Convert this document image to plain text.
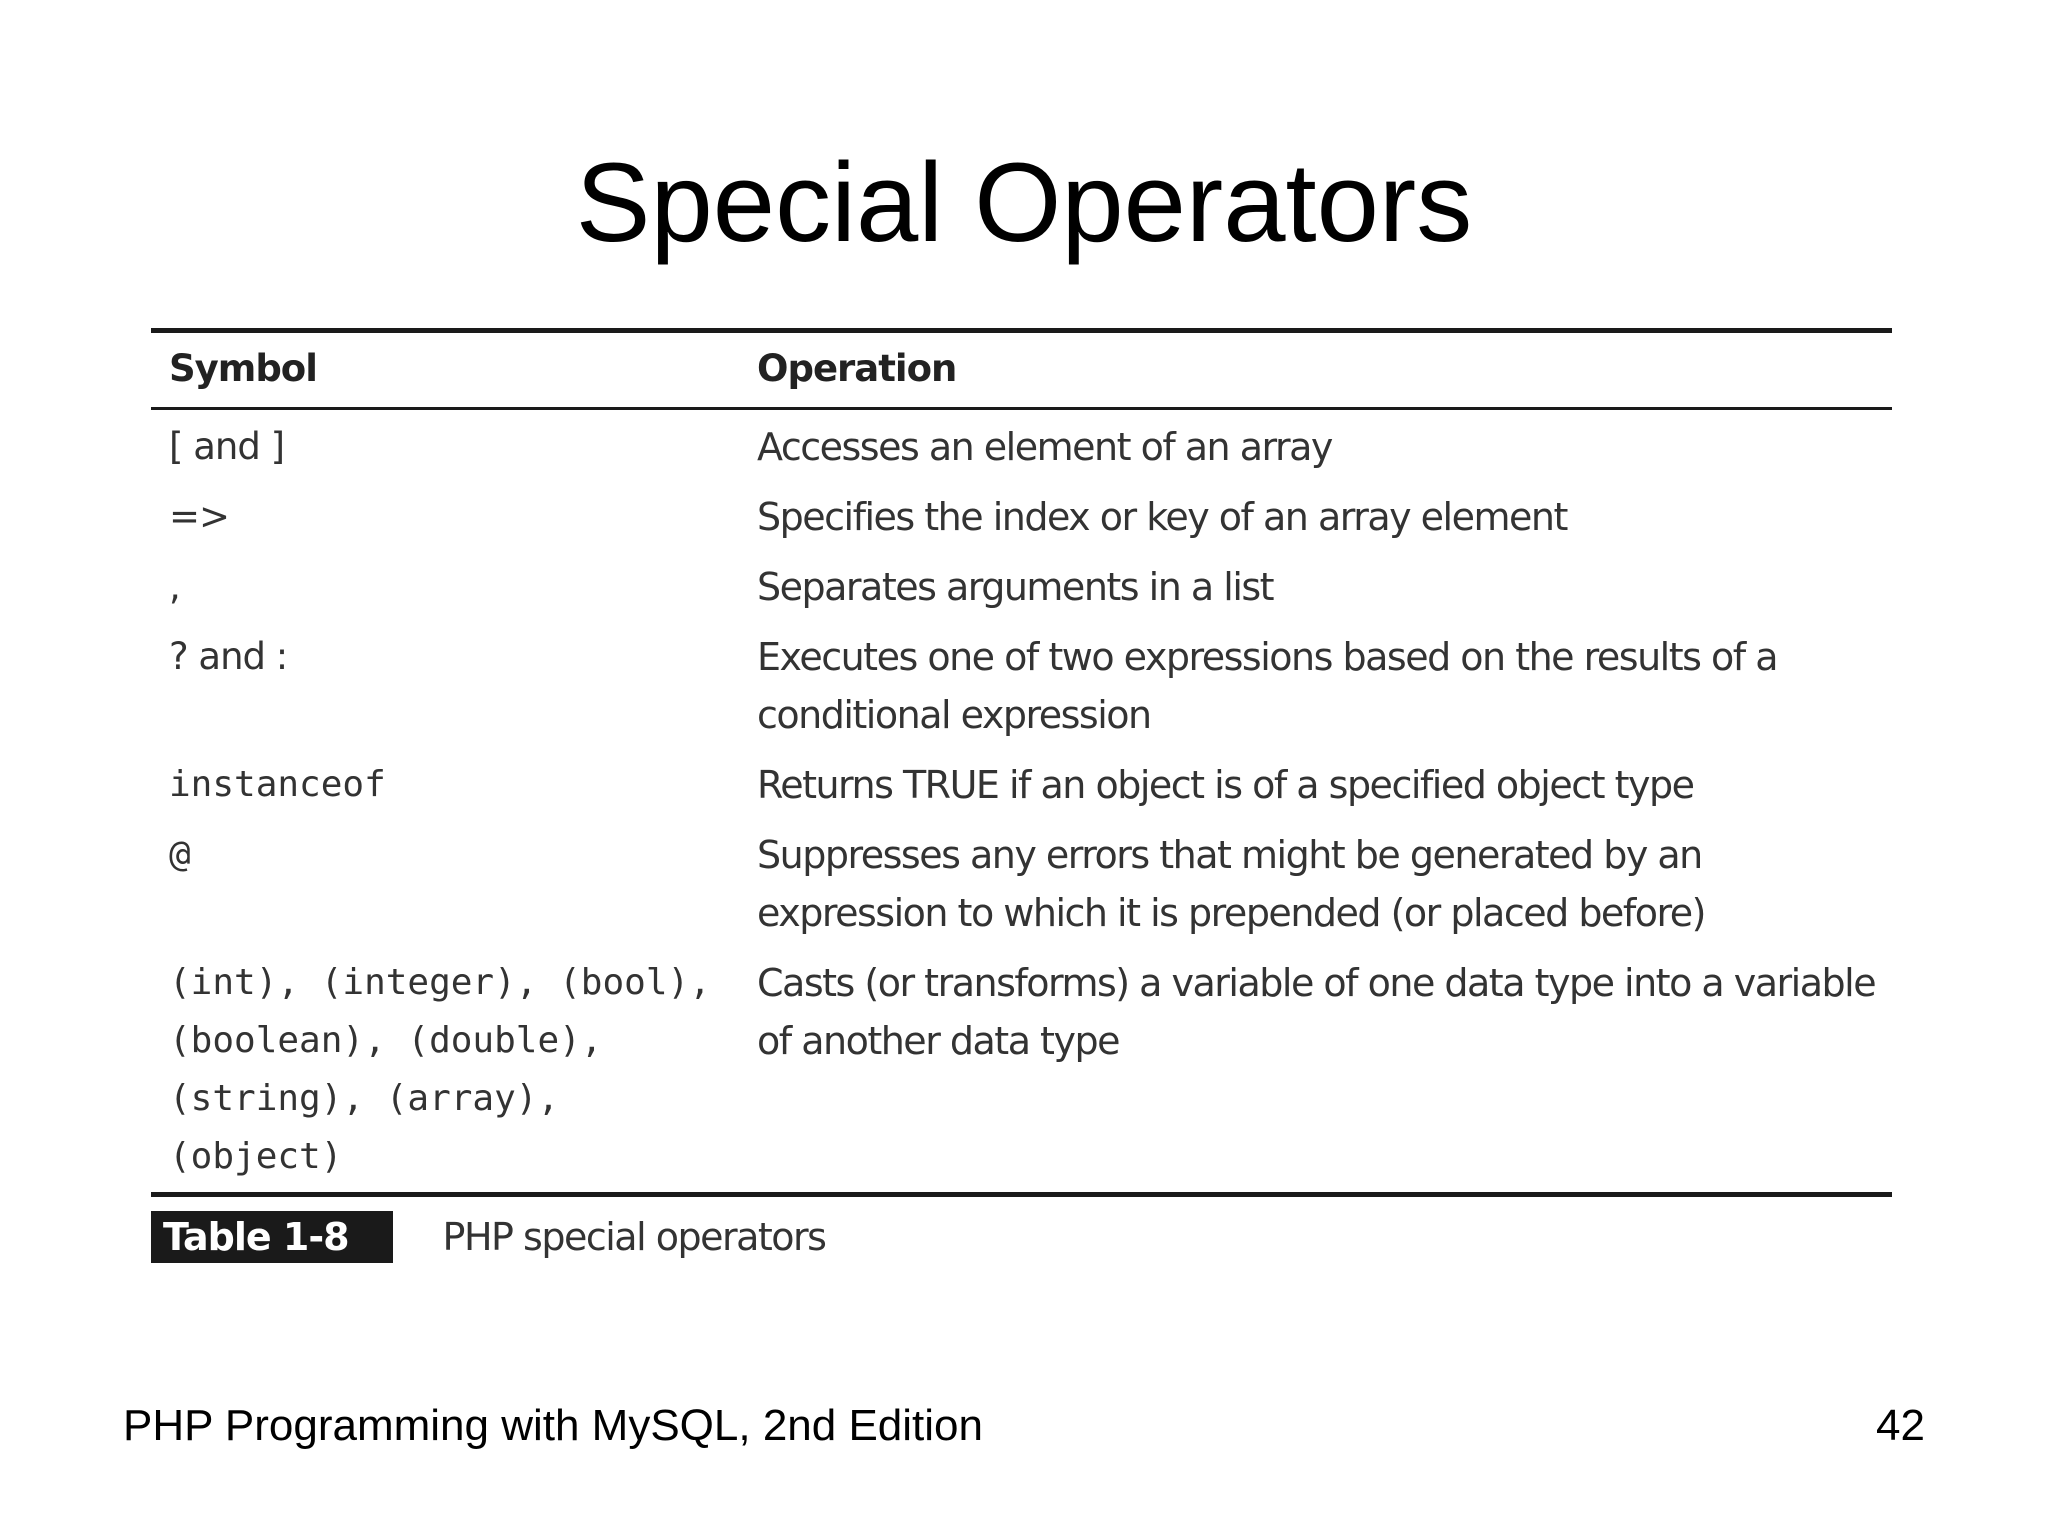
Special Operators
Symbol	Operation
[ and ]	Accesses an element of an array
=>	Specifies the index or key of an array element
,	Separates arguments in a list
? and :	Executes one of two expressions based on the results of a conditional expression
instanceof	Returns TRUE if an object is of a specified object type
@	Suppresses any errors that might be generated by an expression to which it is prepended (or placed before)

(int), (integer), (bool),
(boolean), (double),
(string), (array),
(object)	Casts (or transforms) a variable of one data type into a variable of another data type
Table 1-8	PHP special operators
PHP Programming with MySQL, 2nd Edition	42
